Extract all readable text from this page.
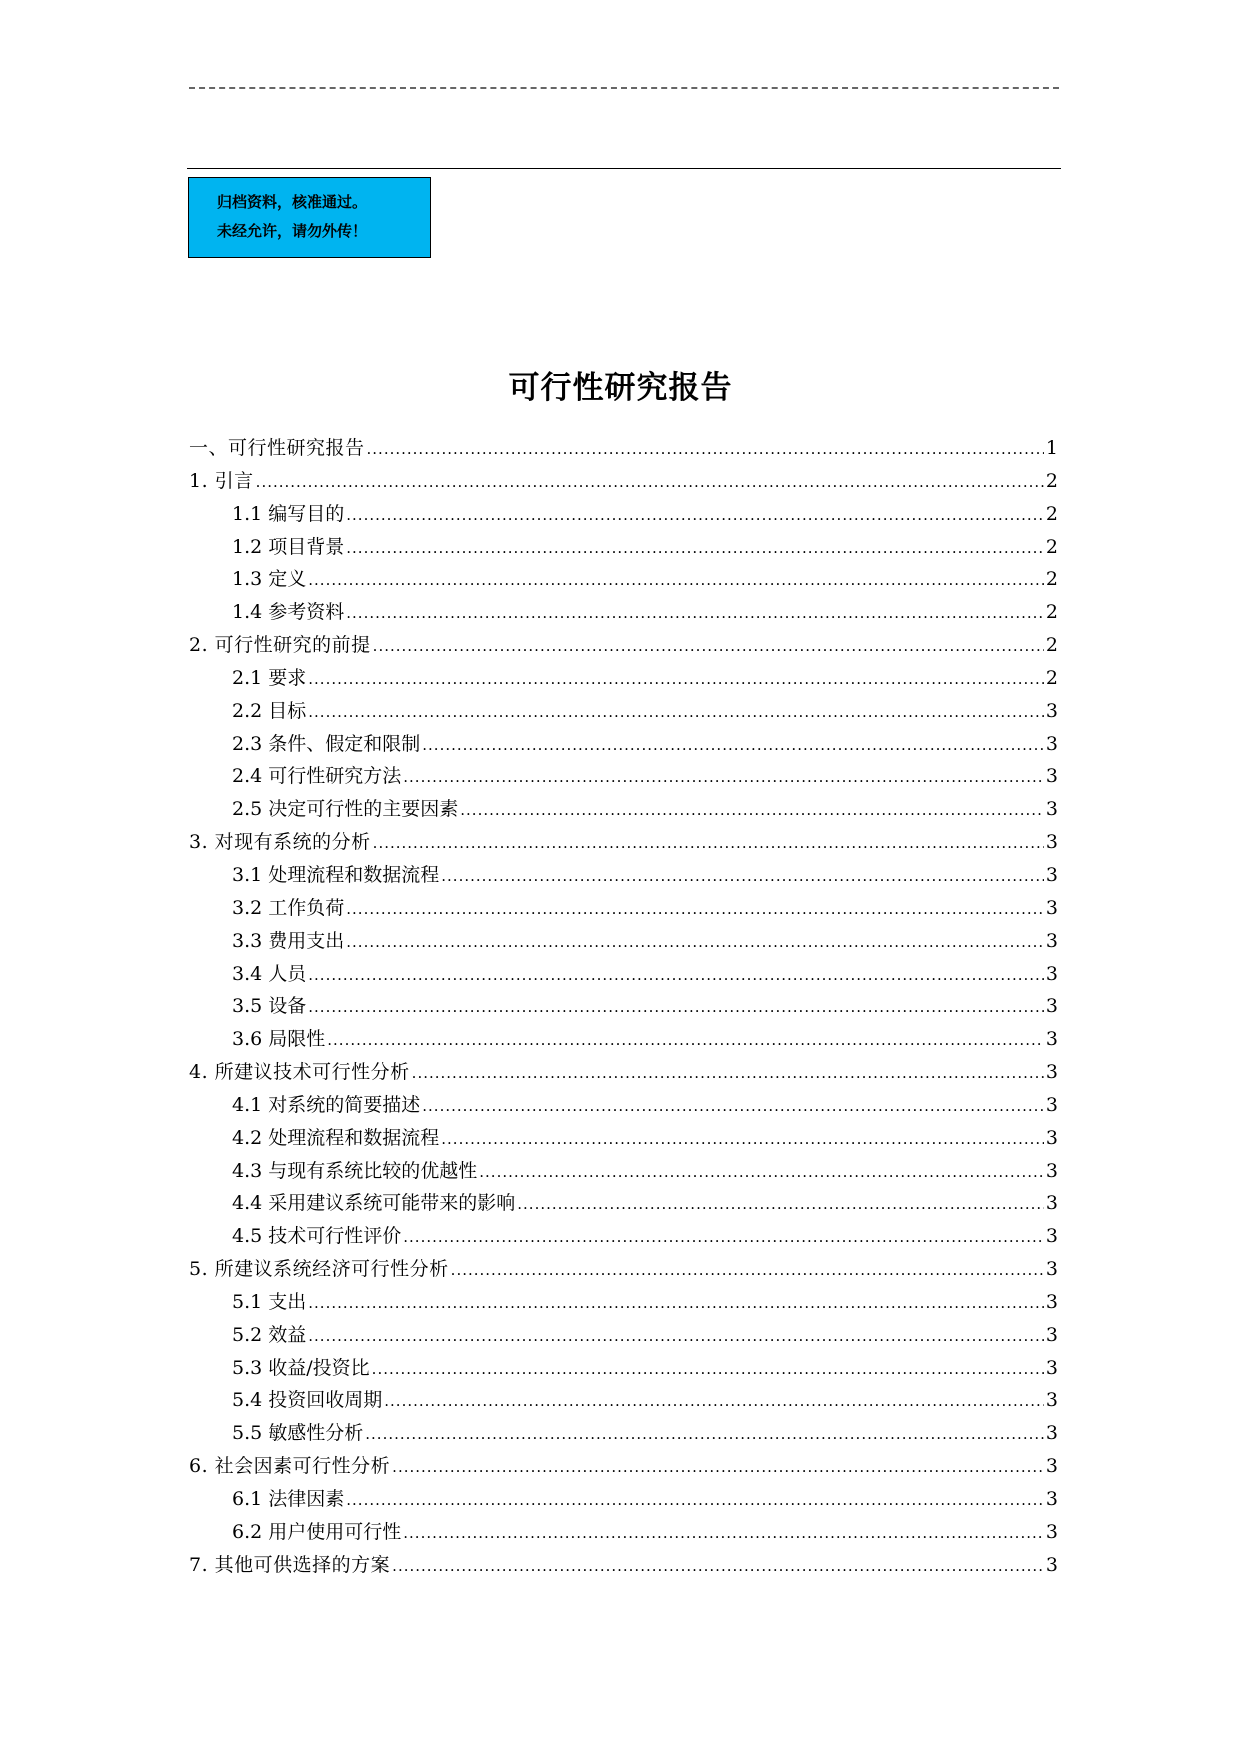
归档资料，核准通过。
未经允许，请勿外传！
可行性研究报告
一、可行性研究报告 .....	1
1. 引言 .....	2
1.1 编写目的 .....	2
1.2 项目背景 .....	2
1.3 定义 .....	2
1.4 参考资料 .....	2
2. 可行性研究的前提 .....	2
2.1 要求 .....	2
2.2 目标 .....	3
2.3 条件、假定和限制 .....	3
2.4 可行性研究方法 .....	3
2.5 决定可行性的主要因素 .....	3
3. 对现有系统的分析 .....	3
3.1 处理流程和数据流程 .....	3
3.2 工作负荷 .....	3
3.3 费用支出 .....	3
3.4 人员 .....	3
3.5 设备 .....	3
3.6 局限性 .....	3
4. 所建议技术可行性分析 .....	3
4.1 对系统的简要描述 .....	3
4.2 处理流程和数据流程 .....	3
4.3 与现有系统比较的优越性 .....	3
4.4 采用建议系统可能带来的影响 .....	3
4.5 技术可行性评价 .....	3
5. 所建议系统经济可行性分析 .....	3
5.1 支出 .....	3
5.2 效益 .....	3
5.3 收益/投资比 .....	3
5.4 投资回收周期 .....	3
5.5 敏感性分析 .....	3
6. 社会因素可行性分析 .....	3
6.1 法律因素 .....	3
6.2 用户使用可行性 .....	3
7. 其他可供选择的方案 .....	3
